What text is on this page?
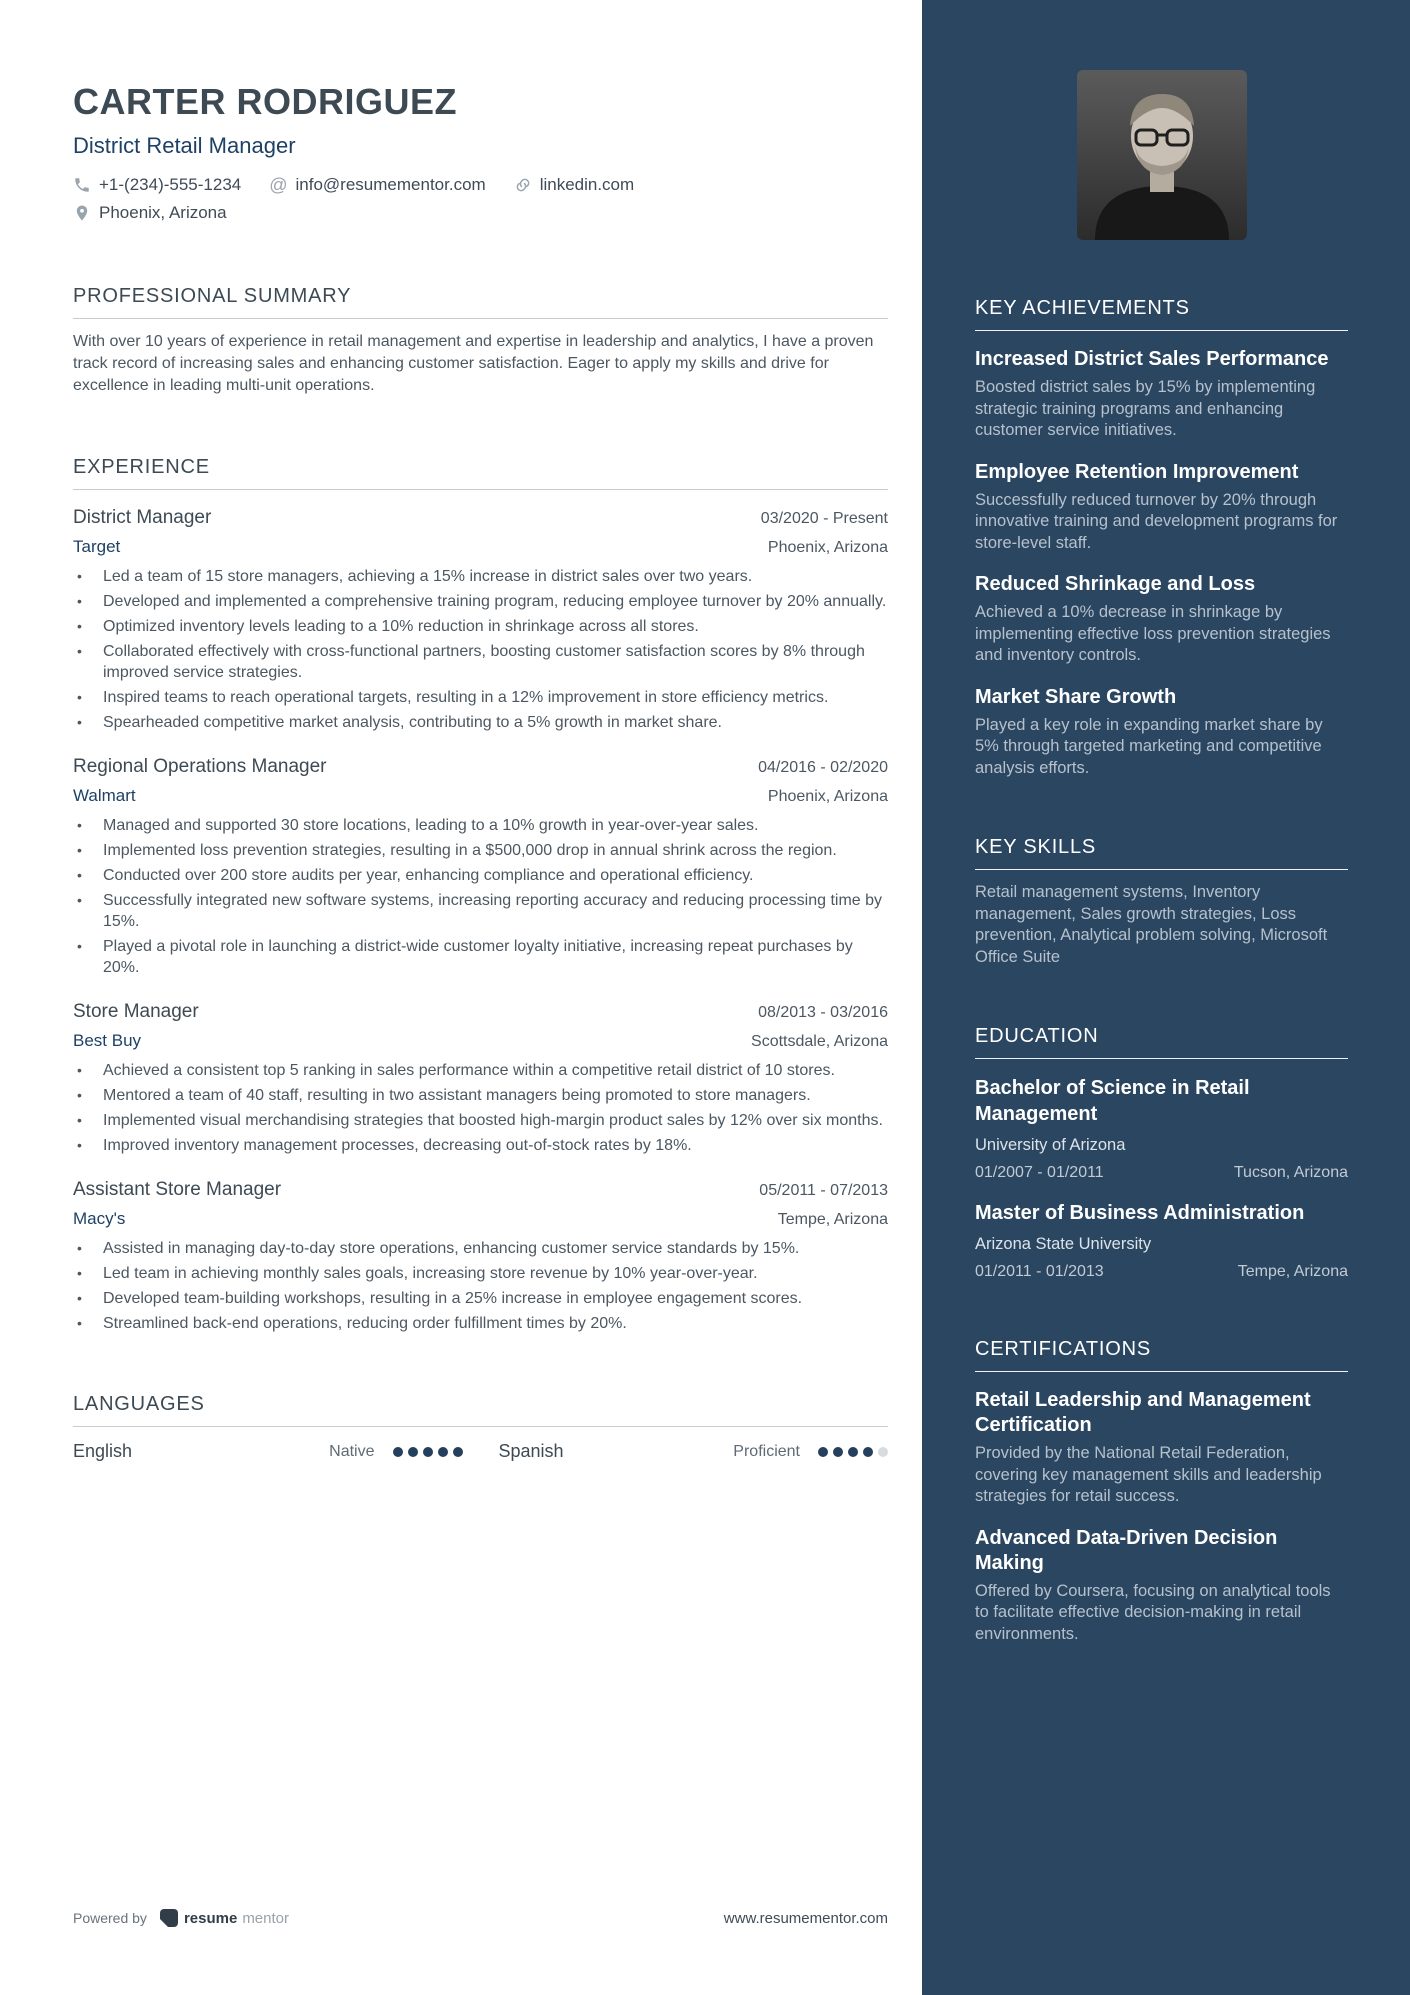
CARTER RODRIGUEZ
District Retail Manager
+1-(234)-555-1234 @ info@resumementor.com	linkedin.com
Phoenix, Arizona
PROFESSIONAL SUMMARY

With over 10 years of experience in retail management and expertise in leadership and analytics, I have a proven track record of increasing sales and enhancing customer satisfaction. Eager to apply my skills and drive for excellence in leading multi-unit operations.

EXPERIENCE
District Manager	03/2020 - Present
Target	Phoenix, Arizona
•
Led a team of 15 store managers, achieving a 15% increase in district sales over two years.
•
Developed and implemented a comprehensive training program, reducing employee turnover by 20% annually.
•
Optimized inventory levels leading to a 10% reduction in shrinkage across all stores.
•
Collaborated effectively with cross-functional partners, boosting customer satisfaction scores by 8% through improved service strategies.
•
Inspired teams to reach operational targets, resulting in a 12% improvement in store efficiency metrics.
•
Spearheaded competitive market analysis, contributing to a 5% growth in market share.
Regional Operations Manager	04/2016 - 02/2020
Walmart	Phoenix, Arizona
•
Managed and supported 30 store locations, leading to a 10% growth in year-over-year sales.
•
Implemented loss prevention strategies, resulting in a $500,000 drop in annual shrink across the region.
•
Conducted over 200 store audits per year, enhancing compliance and operational efficiency.
•
Successfully integrated new software systems, increasing reporting accuracy and reducing processing time by 15%.
•
Played a pivotal role in launching a district-wide customer loyalty initiative, increasing repeat purchases by 20%.
Store Manager	08/2013 - 03/2016
Best Buy	Scottsdale, Arizona
•
Achieved a consistent top 5 ranking in sales performance within a competitive retail district of 10 stores.
•
Mentored a team of 40 staff, resulting in two assistant managers being promoted to store managers.
•
Implemented visual merchandising strategies that boosted high-margin product sales by 12% over six months.
•
Improved inventory management processes, decreasing out-of-stock rates by 18%.
Assistant Store Manager	05/2011 - 07/2013
Macy's	Tempe, Arizona
•
Assisted in managing day-to-day store operations, enhancing customer service standards by 15%.
•
Led team in achieving monthly sales goals, increasing store revenue by 10% year-over-year.
•
Developed team-building workshops, resulting in a 25% increase in employee engagement scores.
•
Streamlined back-end operations, reducing order fulfillment times by 20%.
LANGUAGES
English	Native	Spanish	Proficient
KEY ACHIEVEMENTS
Increased District Sales Performance
Boosted district sales by 15% by implementing strategic training programs and enhancing customer service initiatives.
Employee Retention Improvement
Successfully reduced turnover by 20% through innovative training and development programs for store-level staff.
Reduced Shrinkage and Loss
Achieved a 10% decrease in shrinkage by implementing effective loss prevention strategies and inventory controls.
Market Share Growth
Played a key role in expanding market share by 5% through targeted marketing and competitive analysis efforts.
KEY SKILLS

Retail management systems, Inventory management, Sales growth strategies, Loss prevention, Analytical problem solving, Microsoft Office Suite

EDUCATION
Bachelor of Science in Retail Management
University of Arizona
01/2007 - 01/2011	Tucson, Arizona
Master of Business Administration
Arizona State University
01/2011 - 01/2013	Tempe, Arizona
CERTIFICATIONS
Retail Leadership and Management Certification
Provided by the National Retail Federation, covering key management skills and leadership strategies for retail success.
Advanced Data-Driven Decision Making
Offered by Coursera, focusing on analytical tools to facilitate effective decision-making in retail environments.
Powered by resume mentor	www.resumementor.com
